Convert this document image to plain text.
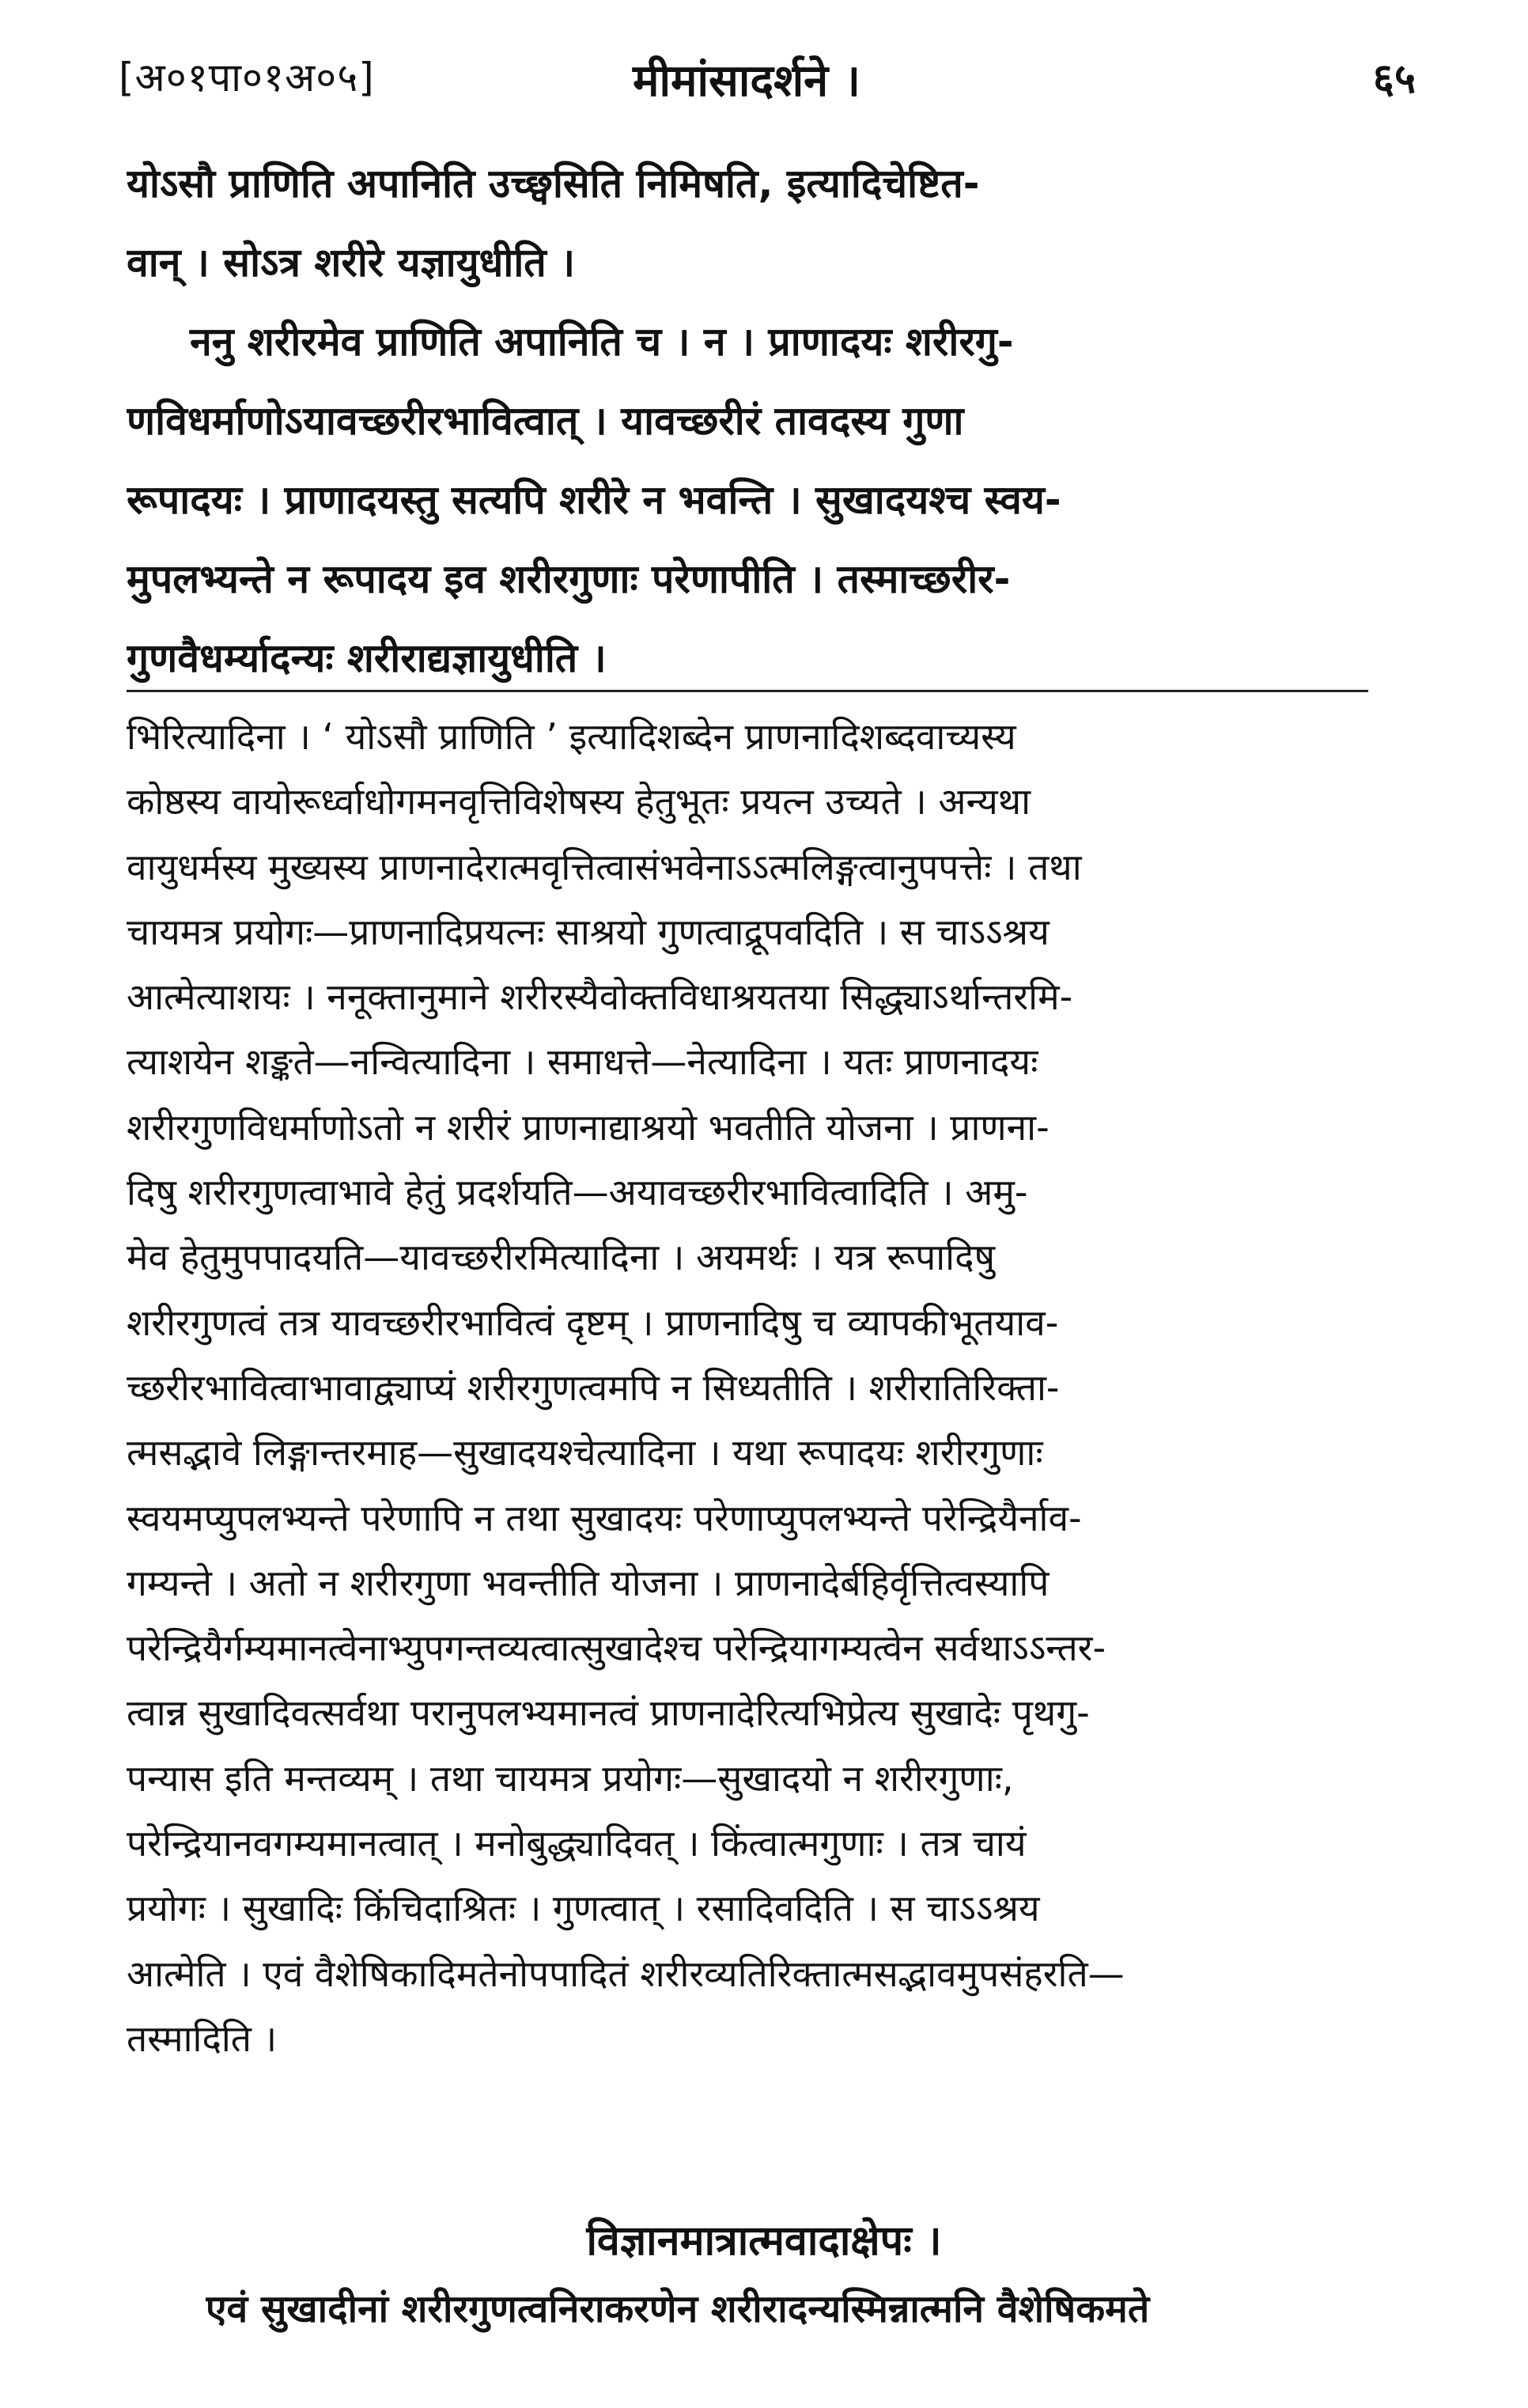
[अ०१पा०१अ०५]	मीमांसादर्शने ।	६५
योऽसौ प्राणिति अपानिति उच्छ्वसिति निमिषति, इत्यादिचेष्टित-
वान् । सोऽत्र शरीरे यज्ञायुधीति ।
ननु शरीरमेव प्राणिति अपानिति च । न । प्राणादयः शरीरगु-
णविधर्माणोऽयावच्छरीरभावित्वात् । यावच्छरीरं तावदस्य गुणा
रूपादयः । प्राणादयस्तु सत्यपि शरीरे न भवन्ति । सुखादयश्च स्वय-
मुपलभ्यन्ते न रूपादय इव शरीरगुणाः परेणापीति । तस्माच्छरीर-
गुणवैधर्म्यादन्यः शरीराद्यज्ञायुधीति ।
भिरित्यादिना । ‘ योऽसौ प्राणिति ’ इत्यादिशब्देन प्राणनादिशब्दवाच्यस्य
कोष्ठस्य वायोरूर्ध्वाधोगमनवृत्तिविशेषस्य हेतुभूतः प्रयत्न उच्यते । अन्यथा
वायुधर्मस्य मुख्यस्य प्राणनादेरात्मवृत्तित्वासंभवेनाऽऽत्मलिङ्गत्वानुपपत्तेः । तथा
चायमत्र प्रयोगः—प्राणनादिप्रयत्नः साश्रयो गुणत्वाद्रूपवदिति । स चाऽऽश्रय
आत्मेत्याशयः । ननूक्तानुमाने शरीरस्यैवोक्तविधाश्रयतया सिद्ध्याऽर्थान्तरमि-
त्याशयेन शङ्कते—नन्वित्यादिना । समाधत्ते—नेत्यादिना । यतः प्राणनादयः
शरीरगुणविधर्माणोऽतो न शरीरं प्राणनाद्याश्रयो भवतीति योजना । प्राणना-
दिषु शरीरगुणत्वाभावे हेतुं प्रदर्शयति—अयावच्छरीरभावित्वादिति । अमु-
मेव हेतुमुपपादयति—यावच्छरीरमित्यादिना । अयमर्थः । यत्र रूपादिषु
शरीरगुणत्वं तत्र यावच्छरीरभावित्वं दृष्टम् । प्राणनादिषु च व्यापकीभूतयाव-
च्छरीरभावित्वाभावाद्व्याप्यं शरीरगुणत्वमपि न सिध्यतीति । शरीरातिरिक्ता-
त्मसद्भावे लिङ्गान्तरमाह—सुखादयश्चेत्यादिना । यथा रूपादयः शरीरगुणाः
स्वयमप्युपलभ्यन्ते परेणापि न तथा सुखादयः परेणाप्युपलभ्यन्ते परेन्द्रियैर्नाव-
गम्यन्ते । अतो न शरीरगुणा भवन्तीति योजना । प्राणनादेर्बहिर्वृत्तित्वस्यापि
परेन्द्रियैर्गम्यमानत्वेनाभ्युपगन्तव्यत्वात्सुखादेश्च परेन्द्रियागम्यत्वेन सर्वथाऽऽन्तर-
त्वान्न सुखादिवत्सर्वथा परानुपलभ्यमानत्वं प्राणनादेरित्यभिप्रेत्य सुखादेः पृथगु-
पन्यास इति मन्तव्यम् । तथा चायमत्र प्रयोगः—सुखादयो न शरीरगुणाः,
परेन्द्रियानवगम्यमानत्वात् । मनोबुद्ध्यादिवत् । किंत्वात्मगुणाः । तत्र चायं
प्रयोगः । सुखादिः किंचिदाश्रितः । गुणत्वात् । रसादिवदिति । स चाऽऽश्रय
आत्मेति । एवं वैशेषिकादिमतेनोपपादितं शरीरव्यतिरिक्तात्मसद्भावमुपसंहरति—
तस्मादिति ।
विज्ञानमात्रात्मवादाक्षेपः ।
एवं सुखादीनां शरीरगुणत्वनिराकरणेन शरीरादन्यस्मिन्नात्मनि वैशेषिकमते
